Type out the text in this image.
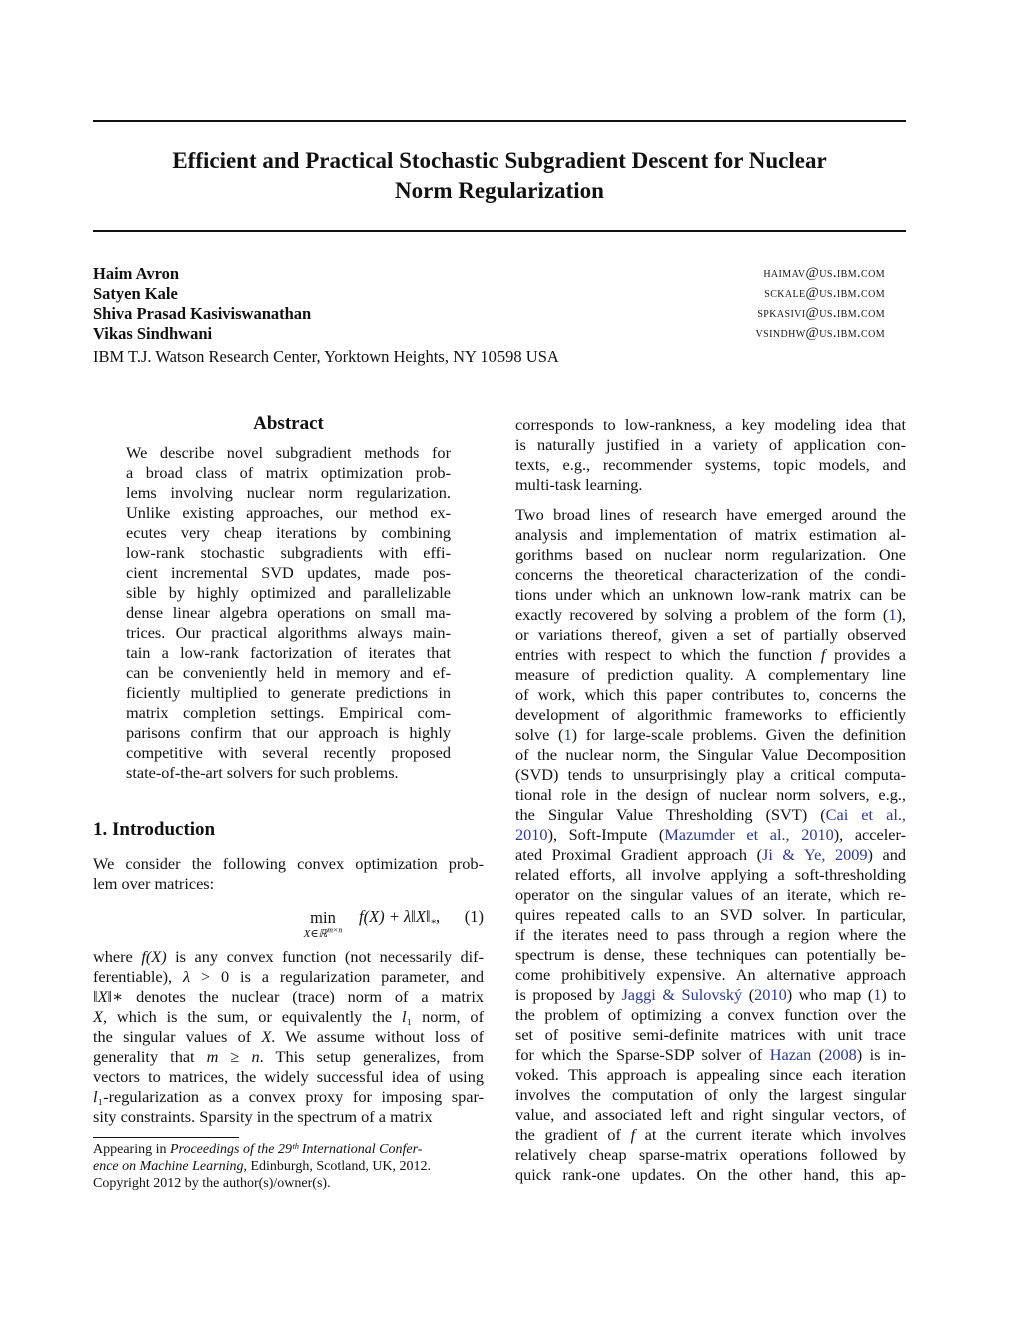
Efficient and Practical Stochastic Subgradient Descent for Nuclear
Norm Regularization
Haim Avron	haimav@us.ibm.com
Satyen Kale	sckale@us.ibm.com
Shiva Prasad Kasiviswanathan	spkasivi@us.ibm.com
Vikas Sindhwani	vsindhw@us.ibm.com
IBM T.J. Watson Research Center, Yorktown Heights, NY 10598 USA
Abstract
We describe novel subgradient methods for
a broad class of matrix optimization prob-
lems involving nuclear norm regularization.
Unlike existing approaches, our method ex-
ecutes very cheap iterations by combining
low-rank stochastic subgradients with effi-
cient incremental SVD updates, made pos-
sible by highly optimized and parallelizable
dense linear algebra operations on small ma-
trices. Our practical algorithms always main-
tain a low-rank factorization of iterates that
can be conveniently held in memory and ef-
ficiently multiplied to generate predictions in
matrix completion settings. Empirical com-
parisons confirm that our approach is highly
competitive with several recently proposed
state-of-the-art solvers for such problems.
1. Introduction
We consider the following convex optimization prob-
lem over matrices:
min
$^{X\in ℝ^{m\times n}}$
$f(X) + \lambda‖X‖_*$, (1)
where f(X) is any convex function (not necessarily dif-
ferentiable), λ > 0 is a regularization parameter, and
‖X‖∗ denotes the nuclear (trace) norm of a matrix
X, which is the sum, or equivalently the l₁ norm, of
the singular values of X. We assume without loss of
generality that m ≥ n. This setup generalizes, from
vectors to matrices, the widely successful idea of using
l₁-regularization as a convex proxy for imposing spar-
sity constraints. Sparsity in the spectrum of a matrix
Appearing in Proceedings of the 29ᵗʰ International Confer-
ence on Machine Learning, Edinburgh, Scotland, UK, 2012.
Copyright 2012 by the author(s)/owner(s).
corresponds to low-rankness, a key modeling idea that
is naturally justified in a variety of application con-
texts, e.g., recommender systems, topic models, and
multi-task learning.
Two broad lines of research have emerged around the
analysis and implementation of matrix estimation al-
gorithms based on nuclear norm regularization. One
concerns the theoretical characterization of the condi-
tions under which an unknown low-rank matrix can be
exactly recovered by solving a problem of the form (1),
or variations thereof, given a set of partially observed
entries with respect to which the function f provides a
measure of prediction quality. A complementary line
of work, which this paper contributes to, concerns the
development of algorithmic frameworks to efficiently
solve (1) for large-scale problems. Given the definition
of the nuclear norm, the Singular Value Decomposition
(SVD) tends to unsurprisingly play a critical computa-
tional role in the design of nuclear norm solvers, e.g.,
the Singular Value Thresholding (SVT) (Cai et al.,
2010), Soft-Impute (Mazumder et al., 2010), acceler-
ated Proximal Gradient approach (Ji & Ye, 2009) and
related efforts, all involve applying a soft-thresholding
operator on the singular values of an iterate, which re-
quires repeated calls to an SVD solver. In particular,
if the iterates need to pass through a region where the
spectrum is dense, these techniques can potentially be-
come prohibitively expensive. An alternative approach
is proposed by Jaggi & Sulovský (2010) who map (1) to
the problem of optimizing a convex function over the
set of positive semi-definite matrices with unit trace
for which the Sparse-SDP solver of Hazan (2008) is in-
voked. This approach is appealing since each iteration
involves the computation of only the largest singular
value, and associated left and right singular vectors, of
the gradient of f at the current iterate which involves
relatively cheap sparse-matrix operations followed by
quick rank-one updates. On the other hand, this ap-
